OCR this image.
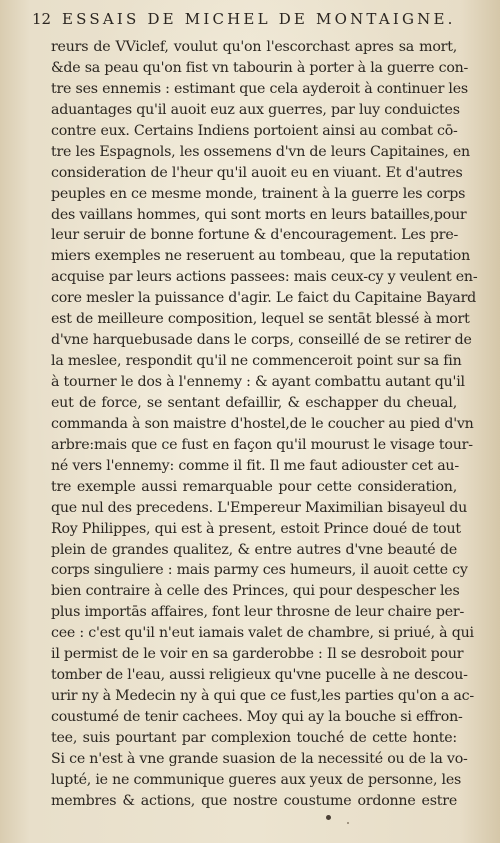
12 ESSAIS DE MICHEL DE MONTAIGNE.
reurs de VViclef, voulut qu'on l'escorchast apres sa mort,
&de sa peau qu'on fist vn tabourin à porter à la guerre con-
tre ses ennemis : estimant que cela ayderoit à continuer les
aduantages qu'il auoit euz aux guerres, par luy conduictes
contre eux. Certains Indiens portoient ainsi au combat cō-
tre les Espagnols, les ossemens d'vn de leurs Capitaines, en
consideration de l'heur qu'il auoit eu en viuant. Et d'autres
peuples en ce mesme monde, trainent à la guerre les corps
des vaillans hommes, qui sont morts en leurs batailles,pour
leur seruir de bonne fortune & d'encouragement. Les pre-
miers exemples ne reseruent au tombeau, que la reputation
acquise par leurs actions passees: mais ceux-cy y veulent en-
core mesler la puissance d'agir. Le faict du Capitaine Bayard
est de meilleure composition, lequel se sentāt blessé à mort
d'vne harquebusade dans le corps, conseillé de se retirer de
la meslee, respondit qu'il ne commenceroit point sur sa fin
à tourner le dos à l'ennemy : & ayant combattu autant qu'il
eut de force, se sentant defaillir, & eschapper du cheual,
commanda à son maistre d'hostel,de le coucher au pied d'vn
arbre:mais que ce fust en façon qu'il mourust le visage tour-
né vers l'ennemy: comme il fit. Il me faut adiouster cet au-
tre exemple aussi remarquable pour cette consideration,
que nul des precedens. L'Empereur Maximilian bisayeul du
Roy Philippes, qui est à present, estoit Prince doué de tout
plein de grandes qualitez, & entre autres d'vne beauté de
corps singuliere : mais parmy ces humeurs, il auoit cette cy
bien contraire à celle des Princes, qui pour despescher les
plus importās affaires, font leur throsne de leur chaire per-
cee : c'est qu'il n'eut iamais valet de chambre, si priué, à qui
il permist de le voir en sa garderobbe : Il se desroboit pour
tomber de l'eau, aussi religieux qu'vne pucelle à ne descou-
urir ny à Medecin ny à qui que ce fust,les parties qu'on a ac-
coustumé de tenir cachees. Moy qui ay la bouche si effron-
tee, suis pourtant par complexion touché de cette honte:
Si ce n'est à vne grande suasion de la necessité ou de la vo-
lupté, ie ne communique gueres aux yeux de personne, les
membres & actions, que nostre coustume ordonne estre
